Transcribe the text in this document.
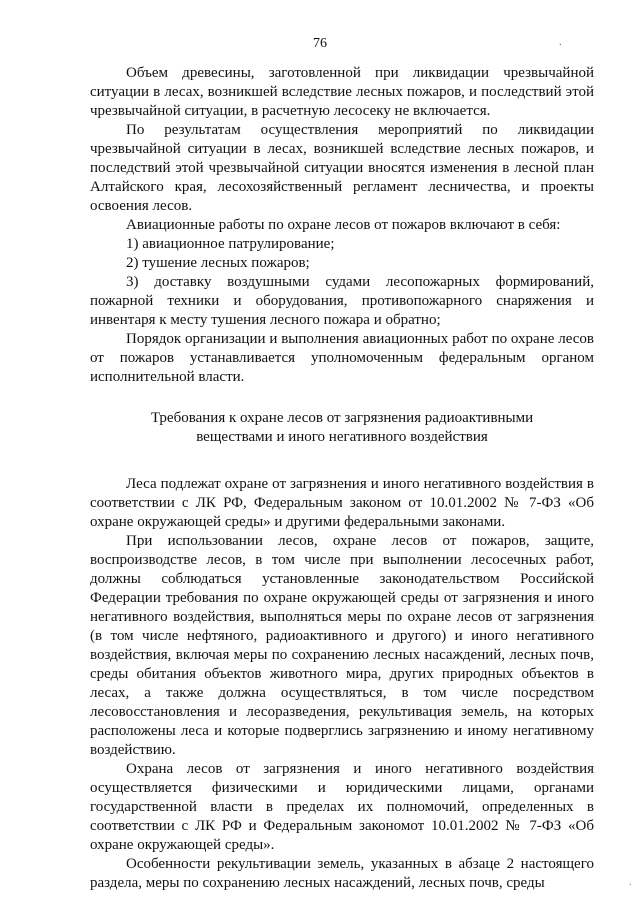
76	·

Объем древесины, заготовленной при ликвидации чрезвычайной ситуации в лесах, возникшей вследствие лесных пожаров, и последствий этой чрезвычайной ситуации, в расчетную лесосеку не включается.

По результатам осуществления мероприятий по ликвидации чрезвычайной ситуации в лесах, возникшей вследствие лесных пожаров, и последствий этой чрезвычайной ситуации вносятся изменения в лесной план Алтайского края, лесохозяйственный регламент лесничества, и проекты освоения лесов.

Авиационные работы по охране лесов от пожаров включают в себя:

1) авиационное патрулирование;

2) тушение лесных пожаров;

3) доставку воздушными судами лесопожарных формирований, пожарной техники и оборудования, противопожарного снаряжения и инвентаря к месту тушения лесного пожара и обратно;

Порядок организации и выполнения авиационных работ по охране лесов от пожаров устанавливается уполномоченным федеральным органом исполнительной власти.

Требования к охране лесов от загрязнения радиоактивными
веществами и иного негативного воздействия

Леса подлежат охране от загрязнения и иного негативного воздействия в соответствии с ЛК РФ, Федеральным законом от 10.01.2002 № 7-ФЗ «Об охране окружающей среды» и другими федеральными законами.

При использовании лесов, охране лесов от пожаров, защите, воспроизводстве лесов, в том числе при выполнении лесосечных работ, должны соблюдаться установленные законодательством Российской Федерации требования по охране окружающей среды от загрязнения и иного негативного воздействия, выполняться меры по охране лесов от загрязнения (в том числе нефтяного, радиоактивного и другого) и иного негативного воздействия, включая меры по сохранению лесных насаждений, лесных почв, среды обитания объектов животного мира, других природных объектов в лесах, а также должна осуществляться, в том числе посредством лесовосстановления и лесоразведения, рекультивация земель, на которых расположены леса и которые подверглись загрязнению и иному негативному воздействию.

Охрана лесов от загрязнения и иного негативного воздействия осуществляется физическими и юридическими лицами, органами государственной власти в пределах их полномочий, определенных в соответствии с ЛК РФ и Федеральным закономот 10.01.2002 № 7-ФЗ «Об охране окружающей среды».

Особенности рекультивации земель, указанных в абзаце 2 настоящего раздела, меры по сохранению лесных насаждений, лесных почв, среды	·
